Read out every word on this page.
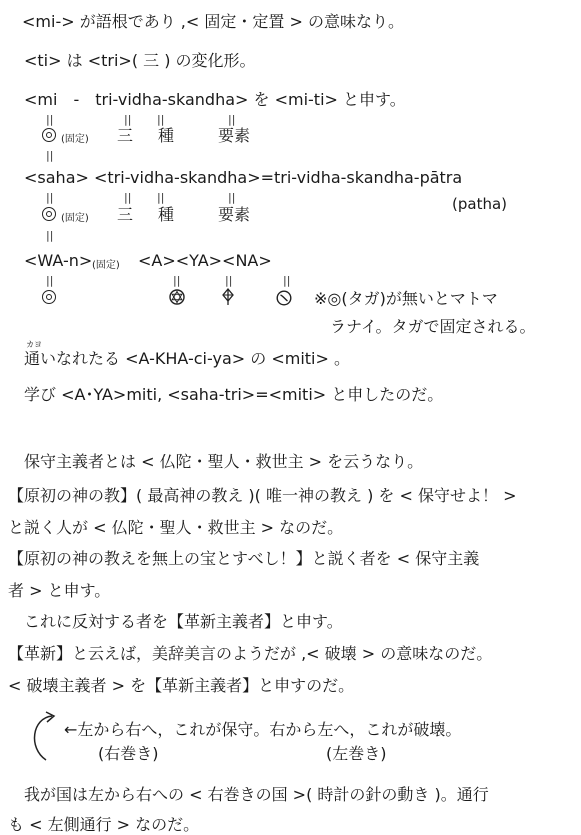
<mi-> が語根であり ,< 固定・定置 > の意味なり。
<ti> は <tri>( 三 ) の変化形。
<mi　-　tri-vidha-skandha> を <mi-ti> と申す。
||	|| ||	||
(固定) 三 種	要素
||
<saha> <tri-vidha-skandha>=tri-vidha-skandha-pātra
||	|| ||	||	(patha)
(固定) 三 種	要素
||
<WA-n> (固定) <A><YA><NA>
||	||	||	||
※◎(タガ)が無いとマトマ
ラナイ。タガで固定される。
カヨ
通いなれたる <A-KHA-ci-ya> の <miti> 。
学び <A･YA>miti, <saha-tri>=<miti> と申したのだ。
保守主義者とは < 仏陀・聖人・救世主 > を云うなり。
【原初の神の教】( 最高神の教え )( 唯一神の教え ) を < 保守せよ！ >
と説く人が < 仏陀・聖人・救世主 > なのだ。
【原初の神の教えを無上の宝とすべし！】と説く者を < 保守主義
者 > と申す。
これに反対する者を【革新主義者】と申す。
【革新】と云えば，美辞美言のようだが ,< 破壊 > の意味なのだ。
< 破壊主義者 > を【革新主義者】と申すのだ。
←左から右へ，これが保守。右から左へ，これが破壊。
(右巻き)	(左巻き)
我が国は左から右への < 右巻きの国 >( 時計の針の動き )。通行
も < 左側通行 > なのだ。
